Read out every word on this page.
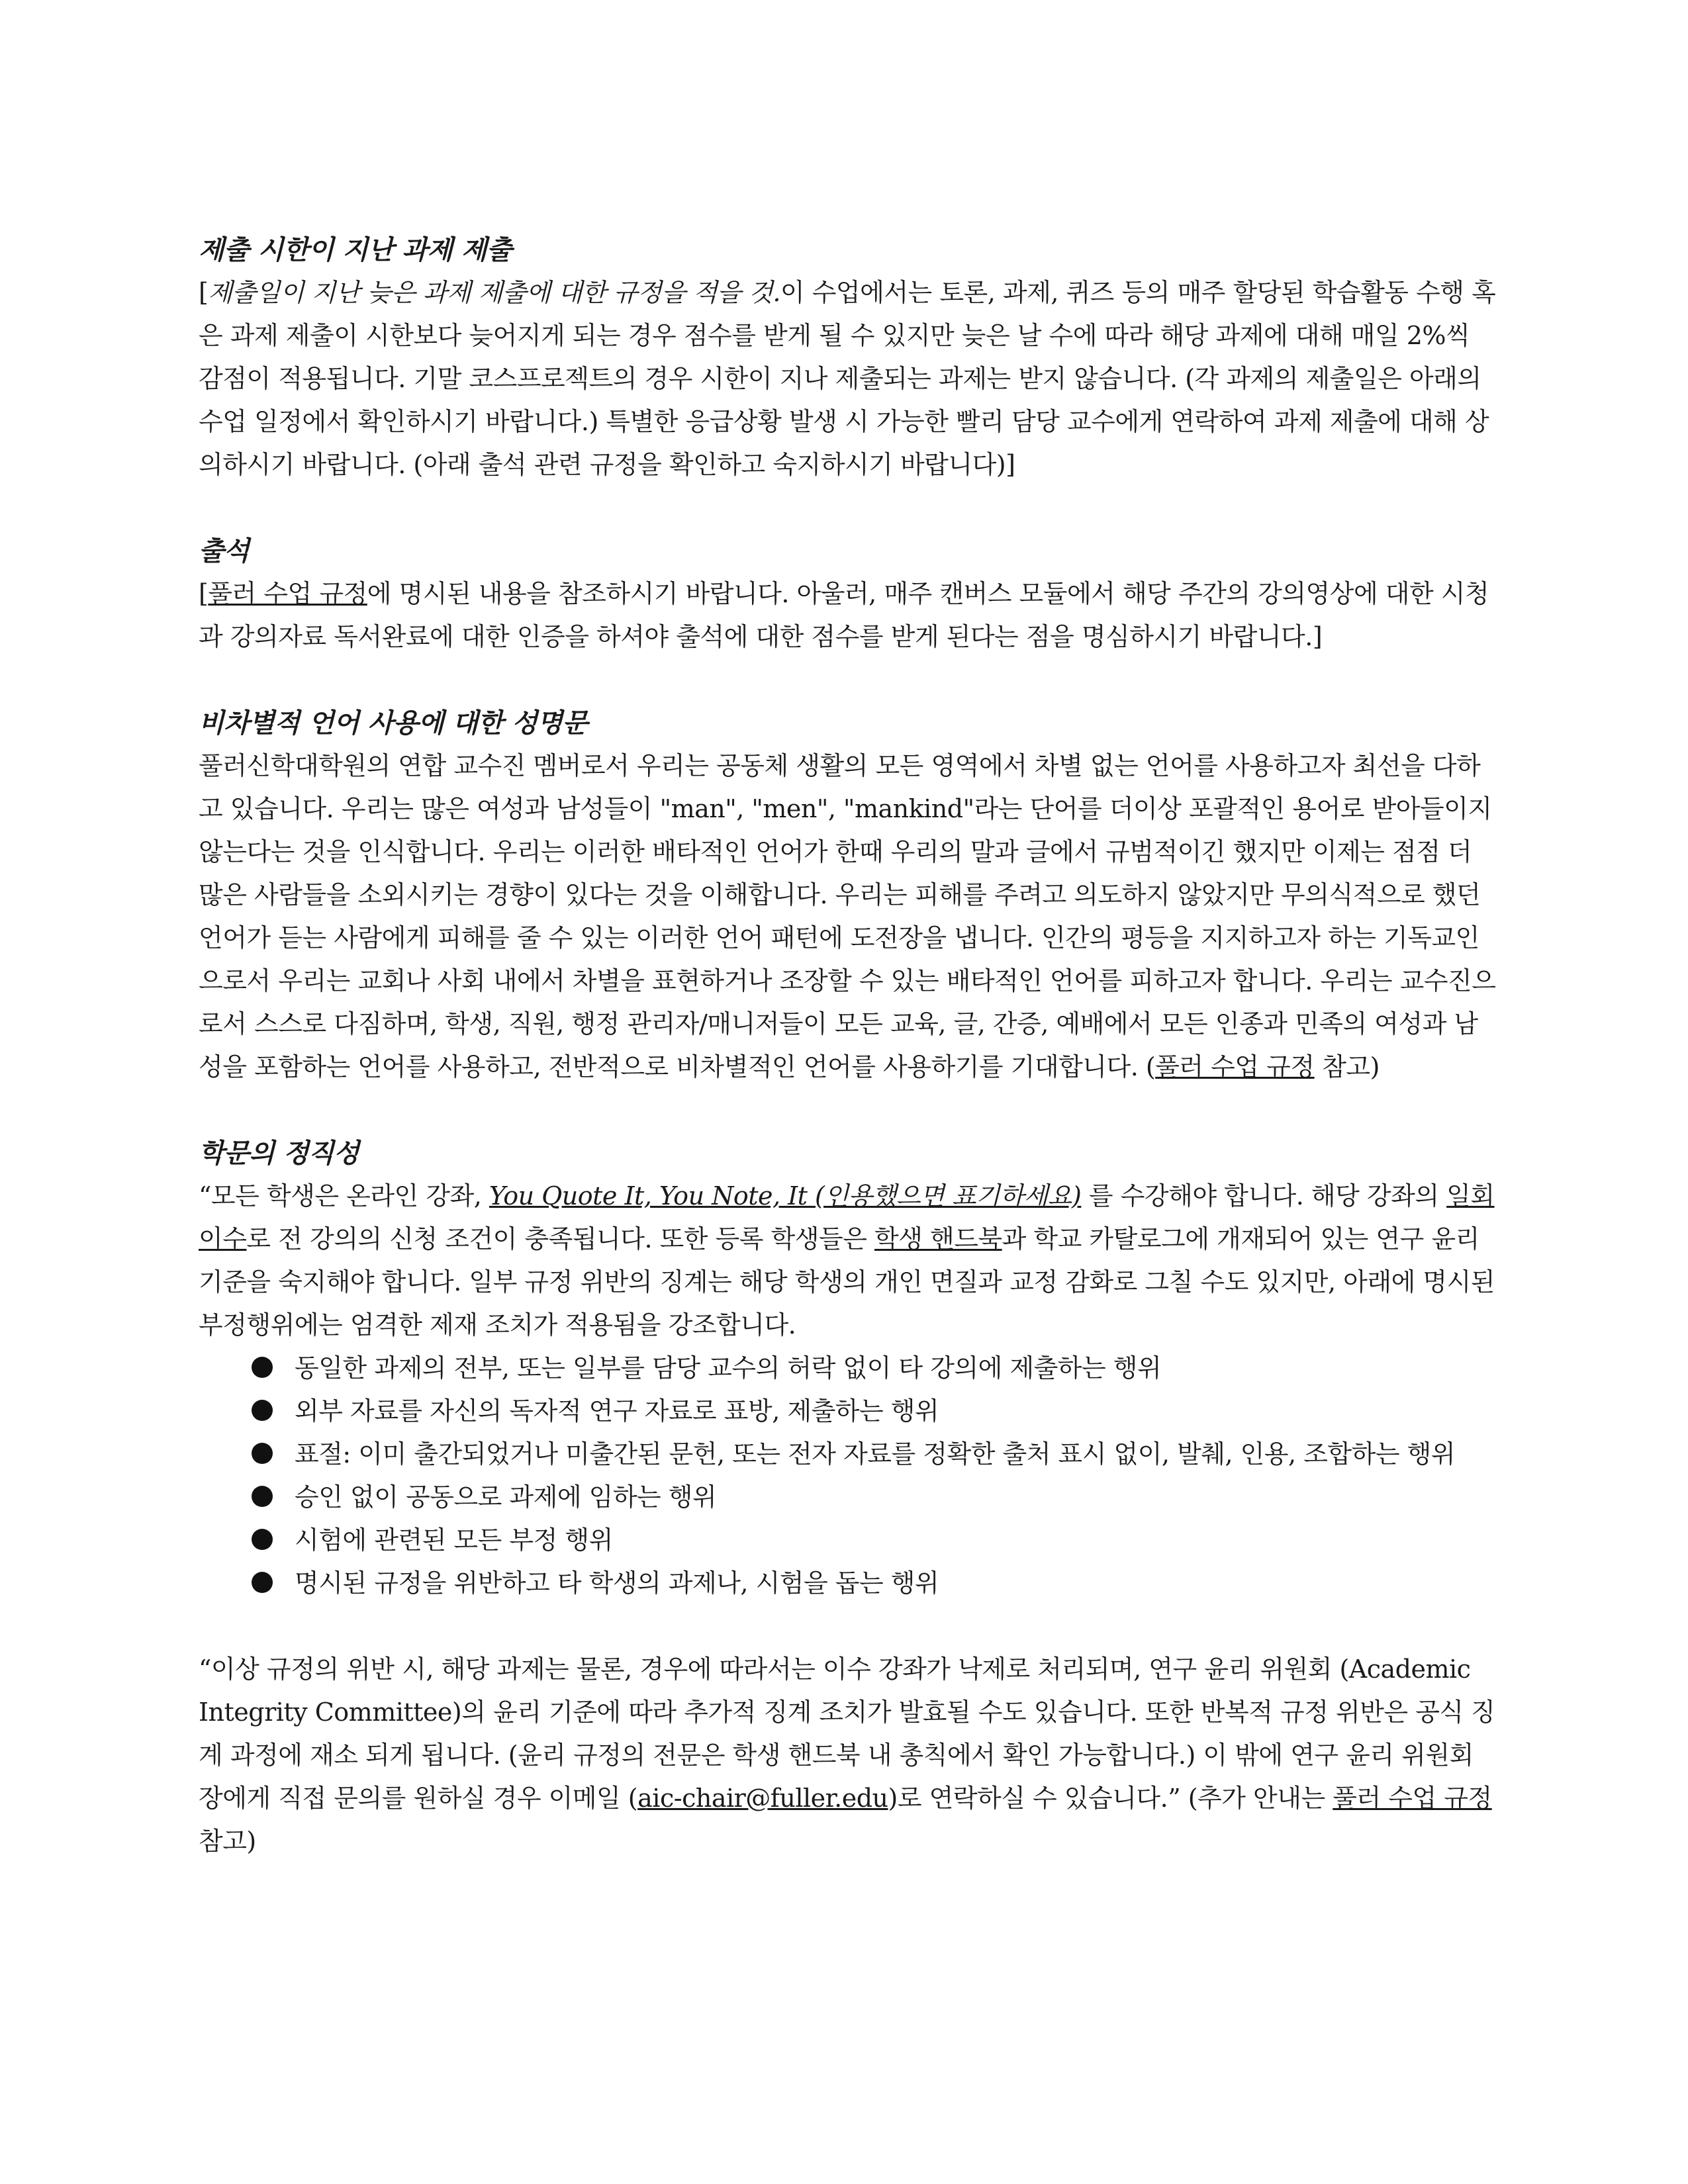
제출 시한이 지난 과제 제출

[제출일이 지난 늦은 과제 제출에 대한 규정을 적을 것.이 수업에서는 토론, 과제, 퀴즈 등의 매주 할당된 학습활동 수행 혹은 과제 제출이 시한보다 늦어지게 되는 경우 점수를 받게 될 수 있지만 늦은 날 수에 따라 해당 과제에 대해 매일 2%씩 감점이 적용됩니다. 기말 코스프로젝트의 경우 시한이 지나 제출되는 과제는 받지 않습니다. (각 과제의 제출일은 아래의 수업 일정에서 확인하시기 바랍니다.) 특별한 응급상황 발생 시 가능한 빨리 담당 교수에게 연락하여 과제 제출에 대해 상의하시기 바랍니다. (아래 출석 관련 규정을 확인하고 숙지하시기 바랍니다)]

출석

[풀러 수업 규정에 명시된 내용을 참조하시기 바랍니다. 아울러, 매주 캔버스 모듈에서 해당 주간의 강의영상에 대한 시청과 강의자료 독서완료에 대한 인증을 하셔야 출석에 대한 점수를 받게 된다는 점을 명심하시기 바랍니다.]

비차별적 언어 사용에 대한 성명문

풀러신학대학원의 연합 교수진 멤버로서 우리는 공동체 생활의 모든 영역에서 차별 없는 언어를 사용하고자 최선을 다하고 있습니다. 우리는 많은 여성과 남성들이 "man", "men", "mankind"라는 단어를 더이상 포괄적인 용어로 받아들이지 않는다는 것을 인식합니다. 우리는 이러한 배타적인 언어가 한때 우리의 말과 글에서 규범적이긴 했지만 이제는 점점 더 많은 사람들을 소외시키는 경향이 있다는 것을 이해합니다. 우리는 피해를 주려고 의도하지 않았지만 무의식적으로 했던 언어가 듣는 사람에게 피해를 줄 수 있는 이러한 언어 패턴에 도전장을 냅니다. 인간의 평등을 지지하고자 하는 기독교인으로서 우리는 교회나 사회 내에서 차별을 표현하거나 조장할 수 있는 배타적인 언어를 피하고자 합니다. 우리는 교수진으로서 스스로 다짐하며, 학생, 직원, 행정 관리자/매니저들이 모든 교육, 글, 간증, 예배에서 모든 인종과 민족의 여성과 남성을 포함하는 언어를 사용하고, 전반적으로 비차별적인 언어를 사용하기를 기대합니다. (풀러 수업 규정 참고)

학문의 정직성

“모든 학생은 온라인 강좌, You Quote It, You Note, It (인용했으면 표기하세요) 를 수강해야 합니다. 해당 강좌의 일회 이수로 전 강의의 신청 조건이 충족됩니다. 또한 등록 학생들은 학생 핸드북과 학교 카탈로그에 개재되어 있는 연구 윤리 기준을 숙지해야 합니다. 일부 규정 위반의 징계는 해당 학생의 개인 면질과 교정 감화로 그칠 수도 있지만, 아래에 명시된 부정행위에는 엄격한 제재 조치가 적용됨을 강조합니다.

동일한 과제의 전부, 또는 일부를 담당 교수의 허락 없이 타 강의에 제출하는 행위
외부 자료를 자신의 독자적 연구 자료로 표방, 제출하는 행위
표절: 이미 출간되었거나 미출간된 문헌, 또는 전자 자료를 정확한 출처 표시 없이, 발췌, 인용, 조합하는 행위
승인 없이 공동으로 과제에 임하는 행위
시험에 관련된 모든 부정 행위
명시된 규정을 위반하고 타 학생의 과제나, 시험을 돕는 행위

“이상 규정의 위반 시, 해당 과제는 물론, 경우에 따라서는 이수 강좌가 낙제로 처리되며, 연구 윤리 위원회 (Academic Integrity Committee)의 윤리 기준에 따라 추가적 징계 조치가 발효될 수도 있습니다. 또한 반복적 규정 위반은 공식 징계 과정에 재소 되게 됩니다. (윤리 규정의 전문은 학생 핸드북 내 총칙에서 확인 가능합니다.) 이 밖에 연구 윤리 위원회장에게 직접 문의를 원하실 경우 이메일 (aic-chair@fuller.edu)로 연락하실 수 있습니다.” (추가 안내는 풀러 수업 규정 참고)
